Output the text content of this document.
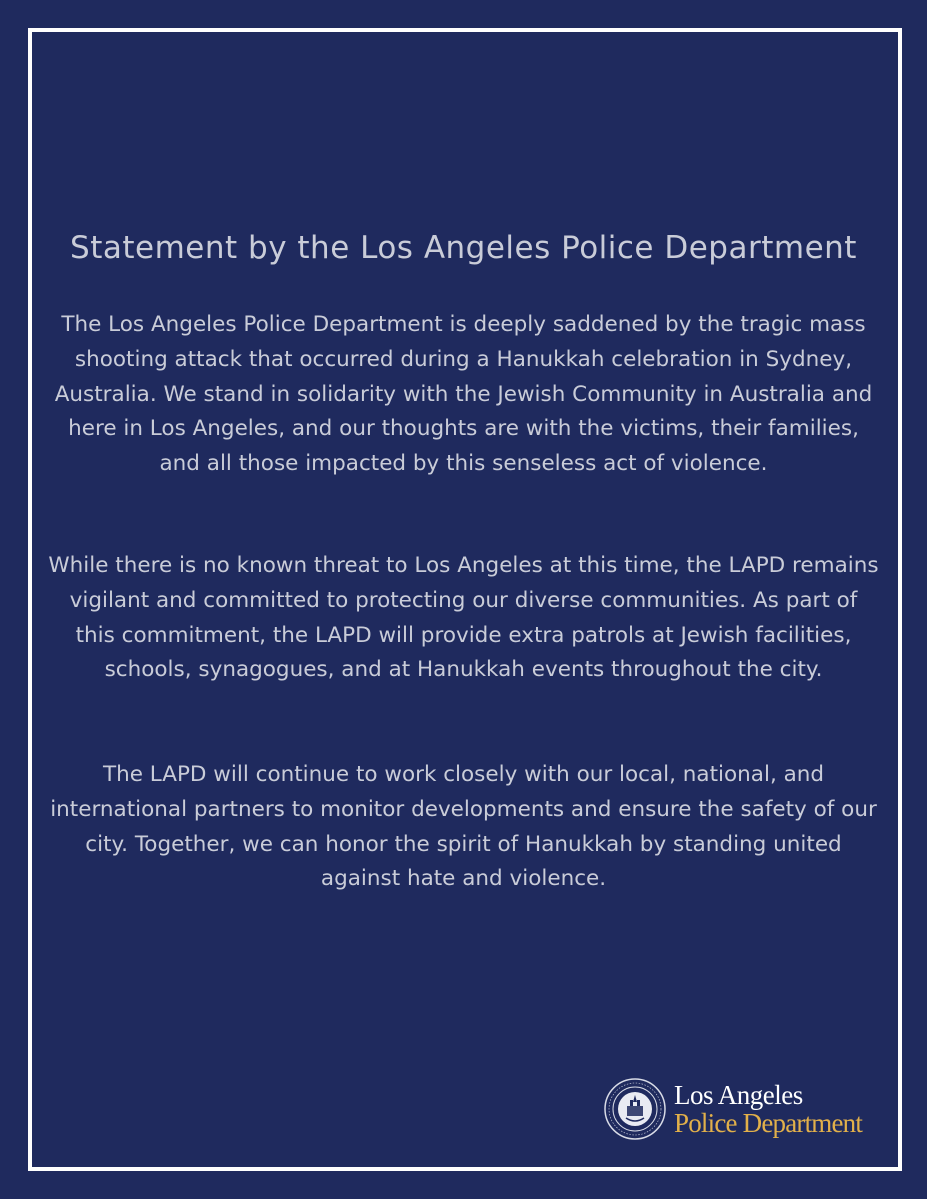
Statement by the Los Angeles Police Department

The Los Angeles Police Department is deeply saddened by the tragic mass shooting attack that occurred during a Hanukkah celebration in Sydney, Australia. We stand in solidarity with the Jewish Community in Australia and here in Los Angeles, and our thoughts are with the victims, their families, and all those impacted by this senseless act of violence.

While there is no known threat to Los Angeles at this time, the LAPD remains vigilant and committed to protecting our diverse communities. As part of this commitment, the LAPD will provide extra patrols at Jewish facilities, schools, synagogues, and at Hanukkah events throughout the city.

The LAPD will continue to work closely with our local, national, and international partners to monitor developments and ensure the safety of our city. Together, we can honor the spirit of Hanukkah by standing united against hate and violence.

Los Angeles
Police Department
